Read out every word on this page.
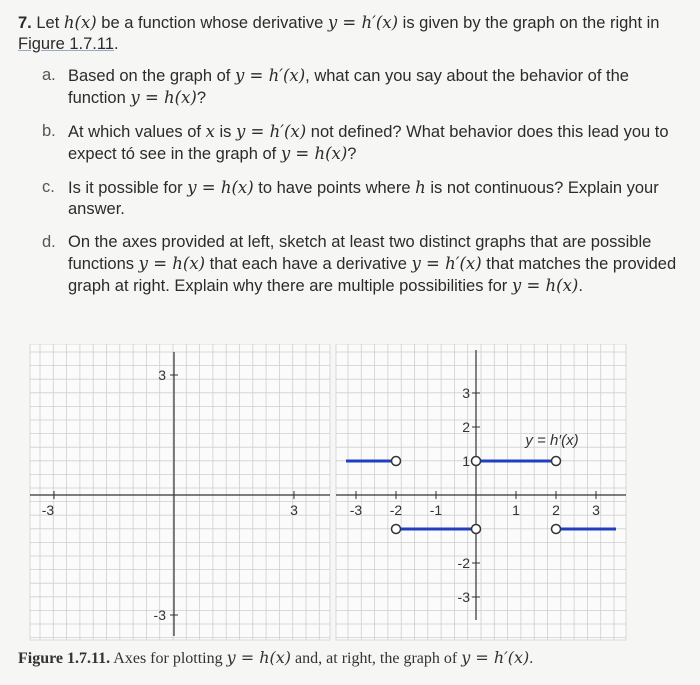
7. Let h(x) be a function whose derivative y = h′(x) is given by the graph on the right in Figure 1.7.11.

a. Based on the graph of y = h′(x), what can you say about the behavior of the function y = h(x)?
b. At which values of x is y = h′(x) not defined? What behavior does this lead you to expect tó see in the graph of y = h(x)?
c. Is it possible for y = h(x) to have points where h is not continuous? Explain your answer.
d. On the axes provided at left, sketch at least two distinct graphs that are possible functions y = h(x) that each have a derivative y = h′(x) that matches the provided graph at right. Explain why there are multiple possibilities for y = h(x).
-3	3
3
-3
-3 -2 -1	1 2 3
3
2
1
-2
-3
y = h′(x)
Figure 1.7.11. Axes for plotting y = h(x) and, at right, the graph of y = h′(x).
